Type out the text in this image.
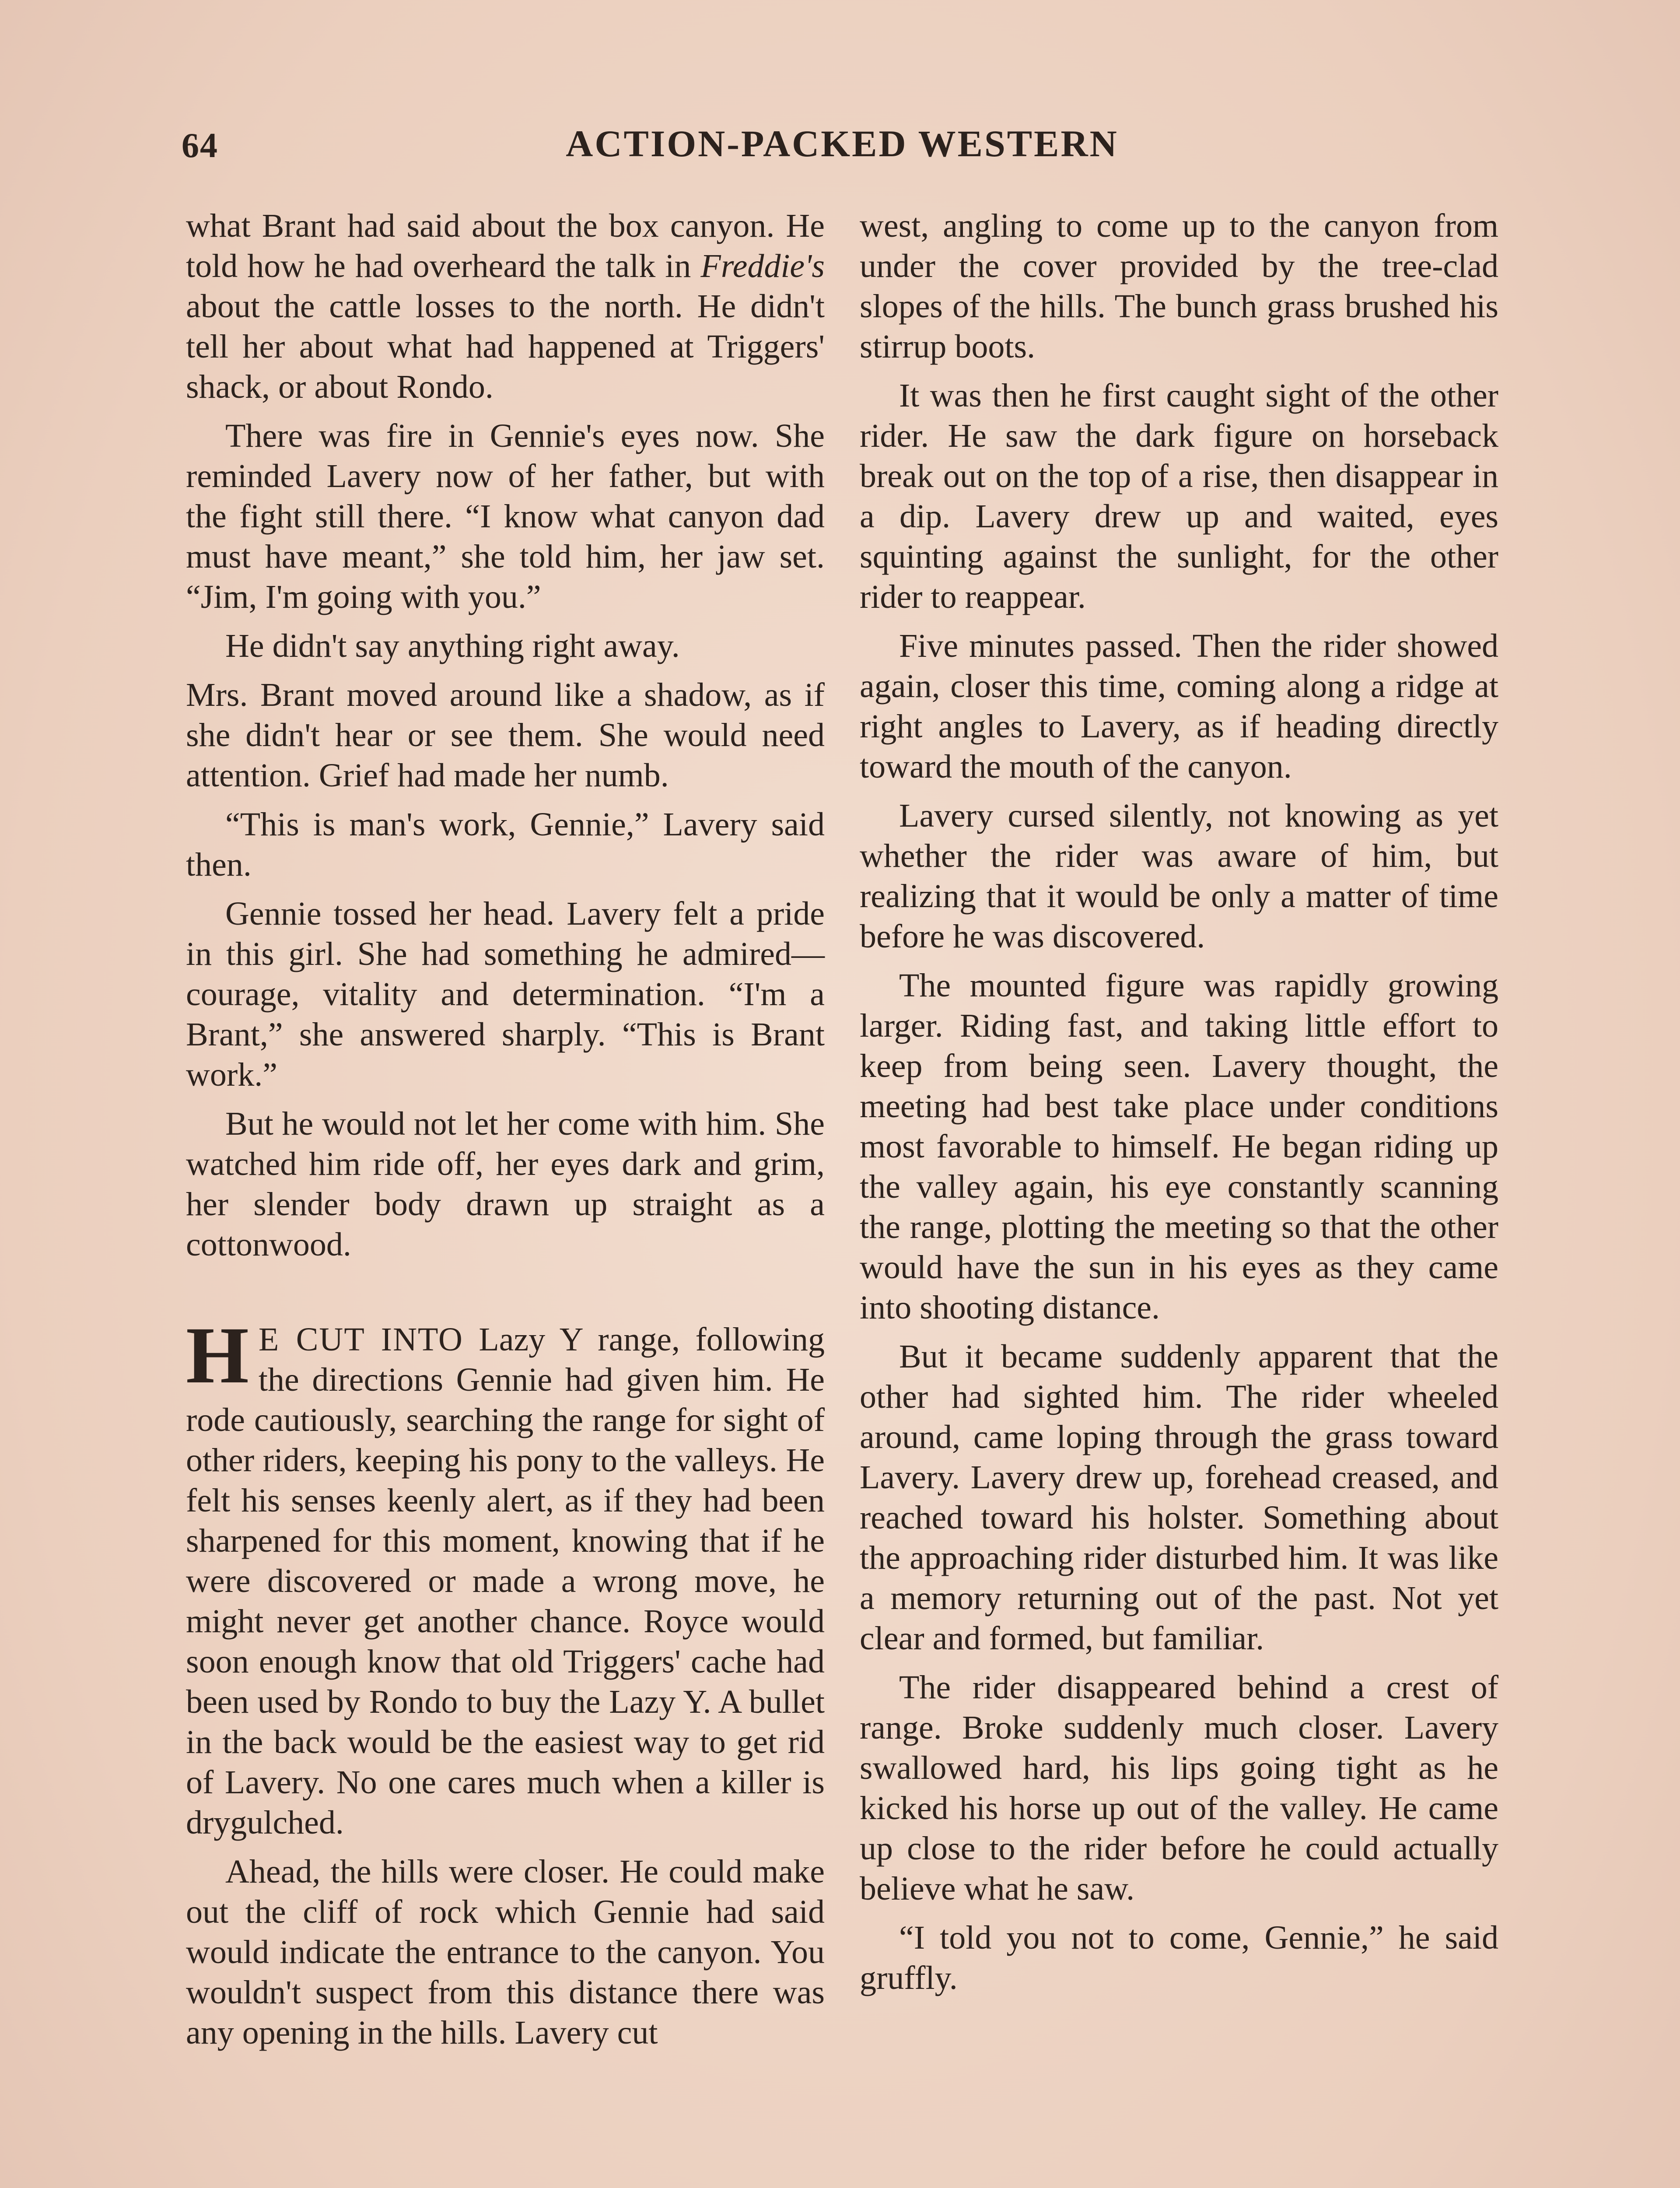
64	ACTION-PACKED WESTERN

what Brant had said about the box canyon. He told how he had overheard the talk in Freddie's about the cattle losses to the north. He didn't tell her about what had happened at Triggers' shack, or about Rondo.

There was fire in Gennie's eyes now. She reminded Lavery now of her father, but with the fight still there. “I know what canyon dad must have meant,” she told him, her jaw set. “Jim, I'm going with you.”

He didn't say anything right away.

Mrs. Brant moved around like a shadow, as if she didn't hear or see them. She would need attention. Grief had made her numb.

“This is man's work, Gennie,” Lavery said then.

Gennie tossed her head. Lavery felt a pride in this girl. She had something he admired—courage, vitality and determination. “I'm a Brant,” she answered sharply. “This is Brant work.”

But he would not let her come with him. She watched him ride off, her eyes dark and grim, her slender body drawn up straight as a cottonwood.

H E CUT INTO Lazy Y range, following the directions Gennie had given him. He rode cautiously, searching the range for sight of other riders, keeping his pony to the valleys. He felt his senses keenly alert, as if they had been sharpened for this moment, knowing that if he were discovered or made a wrong move, he might never get another chance. Royce would soon enough know that old Triggers' cache had been used by Rondo to buy the Lazy Y. A bullet in the back would be the easiest way to get rid of Lavery. No one cares much when a killer is drygulched.

Ahead, the hills were closer. He could make out the cliff of rock which Gennie had said would indicate the entrance to the canyon. You wouldn't suspect from this distance there was any opening in the hills. Lavery cut

west, angling to come up to the canyon from under the cover provided by the tree-clad slopes of the hills. The bunch grass brushed his stirrup boots.

It was then he first caught sight of the other rider. He saw the dark figure on horseback break out on the top of a rise, then disappear in a dip. Lavery drew up and waited, eyes squinting against the sunlight, for the other rider to reappear.

Five minutes passed. Then the rider showed again, closer this time, coming along a ridge at right angles to Lavery, as if heading directly toward the mouth of the canyon.

Lavery cursed silently, not knowing as yet whether the rider was aware of him, but realizing that it would be only a matter of time before he was discovered.

The mounted figure was rapidly growing larger. Riding fast, and taking little effort to keep from being seen. Lavery thought, the meeting had best take place under conditions most favorable to himself. He began riding up the valley again, his eye constantly scanning the range, plotting the meeting so that the other would have the sun in his eyes as they came into shooting distance.

But it became suddenly apparent that the other had sighted him. The rider wheeled around, came loping through the grass toward Lavery. Lavery drew up, forehead creased, and reached toward his holster. Something about the approaching rider disturbed him. It was like a memory returning out of the past. Not yet clear and formed, but familiar.

The rider disappeared behind a crest of range. Broke suddenly much closer. Lavery swallowed hard, his lips going tight as he kicked his horse up out of the valley. He came up close to the rider before he could actually believe what he saw.

“I told you not to come, Gennie,” he said gruffly.
